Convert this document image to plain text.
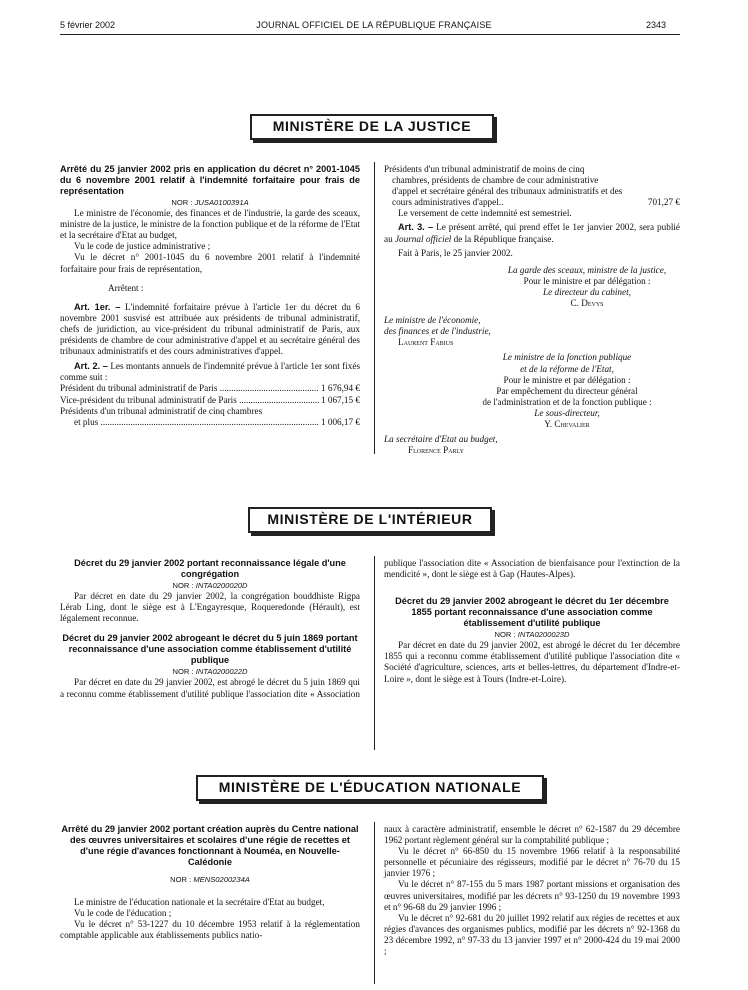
5 février 2002	JOURNAL OFFICIEL DE LA RÉPUBLIQUE FRANÇAISE	2343
MINISTÈRE DE LA JUSTICE

Arrêté du 25 janvier 2002 pris en application du décret n° 2001-1045 du 6 novembre 2001 relatif à l'indemnité forfaitaire pour frais de représentation

NOR : JUSA0100391A

Le ministre de l'économie, des finances et de l'industrie, la garde des sceaux, ministre de la justice, le ministre de la fonction publique et de la réforme de l'Etat et la secrétaire d'Etat au budget,

Vu le code de justice administrative ;

Vu le décret n° 2001-1045 du 6 novembre 2001 relatif à l'indemnité forfaitaire pour frais de représentation,

Arrêtent :

Art. 1er. – L'indemnité forfaitaire prévue à l'article 1er du décret du 6 novembre 2001 susvisé est attribuée aux présidents de tribunal administratif, chefs de juridiction, au vice-président du tribunal administratif de Paris, aux présidents de chambre de cour administrative d'appel et au secrétaire général des tribunaux administratifs et des cours administratives d'appel.

Art. 2. – Les montants annuels de l'indemnité prévue à l'article 1er sont fixés comme suit :

Président du tribunal administratif de Paris .....	1 676,94 €
Vice-président du tribunal administratif de Paris .....	1 067,15 €

Présidents d'un tribunal administratif de cinq chambres

et plus .....	1 006,17 €

Présidents d'un tribunal administratif de moins de cinq chambres, présidents de chambre de cour administrative d'appel et secrétaire général des tribunaux administratifs et des cours administratives d'appel..	701,27 €

Le versement de cette indemnité est semestriel.

Art. 3. – Le présent arrêté, qui prend effet le 1er janvier 2002, sera publié au Journal officiel de la République française.

Fait à Paris, le 25 janvier 2002.

La garde des sceaux, ministre de la justice,

Pour le ministre et par délégation :

Le directeur du cabinet,

C. Devys

Le ministre de l'économie,

des finances et de l'industrie,

Laurent Fabius

Le ministre de la fonction publique

et de la réforme de l'Etat,

Pour le ministre et par délégation :

Par empêchement du directeur général

de l'administration et de la fonction publique :

Le sous-directeur,

Y. Chevalier

La secrétaire d'Etat au budget,

Florence Parly

MINISTÈRE DE L'INTÉRIEUR

Décret du 29 janvier 2002 portant reconnaissance légale d'une congrégation

NOR : INTA0200020D

Par décret en date du 29 janvier 2002, la congrégation bouddhiste Rigpa Lérab Ling, dont le siège est à L'Engayresque, Roqueredonde (Hérault), est légalement reconnue.

Décret du 29 janvier 2002 abrogeant le décret du 5 juin 1869 portant reconnaissance d'une association comme établissement d'utilité publique

NOR : INTA0200022D

Par décret en date du 29 janvier 2002, est abrogé le décret du 5 juin 1869 qui a reconnu comme établissement d'utilité publique l'association dite « Association

publique l'association dite « Association de bienfaisance pour l'extinction de la mendicité », dont le siège est à Gap (Hautes-Alpes).

Décret du 29 janvier 2002 abrogeant le décret du 1er décembre 1855 portant reconnaissance d'une association comme établissement d'utilité publique

NOR : INTA0200023D

Par décret en date du 29 janvier 2002, est abrogé le décret du 1er décembre 1855 qui a reconnu comme établissement d'utilité publique l'association dite « Société d'agriculture, sciences, arts et belles-lettres, du département d'Indre-et-Loire », dont le siège est à Tours (Indre-et-Loire).

MINISTÈRE DE L'ÉDUCATION NATIONALE

Arrêté du 29 janvier 2002 portant création auprès du Centre national des œuvres universitaires et scolaires d'une régie de recettes et d'une régie d'avances fonctionnant à Nouméa, en Nouvelle-Calédonie

NOR : MENS0200234A

Le ministre de l'éducation nationale et la secrétaire d'Etat au budget,

Vu le code de l'éducation ;

Vu le décret n° 53-1227 du 10 décembre 1953 relatif à la réglementation comptable applicable aux établissements publics natio-

naux à caractère administratif, ensemble le décret n° 62-1587 du 29 décembre 1962 portant règlement général sur la comptabilité publique ;

Vu le décret n° 66-850 du 15 novembre 1966 relatif à la responsabilité personnelle et pécuniaire des régisseurs, modifié par le décret n° 76-70 du 15 janvier 1976 ;

Vu le décret n° 87-155 du 5 mars 1987 portant missions et organisation des œuvres universitaires, modifié par les décrets n° 93-1250 du 19 novembre 1993 et n° 96-68 du 29 janvier 1996 ;

Vu le décret n° 92-681 du 20 juillet 1992 relatif aux régies de recettes et aux régies d'avances des organismes publics, modifié par les décrets n° 92-1368 du 23 décembre 1992, n° 97-33 du 13 janvier 1997 et n° 2000-424 du 19 mai 2000 ;
